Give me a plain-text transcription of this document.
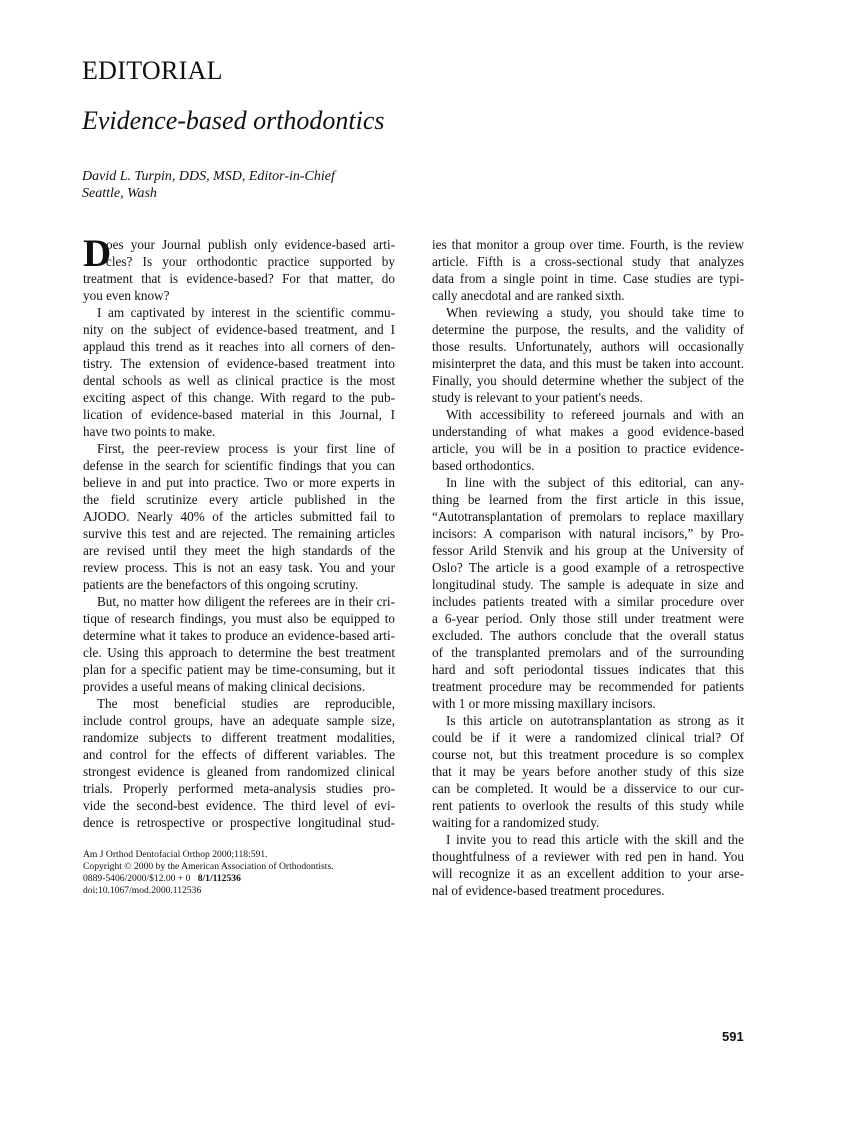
EDITORIAL
Evidence-based orthodontics
David L. Turpin, DDS, MSD, Editor-in-Chief
Seattle, Wash
D
oes your Journal publish only evidence-based arti-
cles? Is your orthodontic practice supported by
treatment that is evidence-based? For that matter, do
you even know?
I am captivated by interest in the scientific commu-
nity on the subject of evidence-based treatment, and I
applaud this trend as it reaches into all corners of den-
tistry. The extension of evidence-based treatment into
dental schools as well as clinical practice is the most
exciting aspect of this change. With regard to the pub-
lication of evidence-based material in this Journal, I
have two points to make.
First, the peer-review process is your first line of
defense in the search for scientific findings that you can
believe in and put into practice. Two or more experts in
the field scrutinize every article published in the
AJODO. Nearly 40% of the articles submitted fail to
survive this test and are rejected. The remaining articles
are revised until they meet the high standards of the
review process. This is not an easy task. You and your
patients are the benefactors of this ongoing scrutiny.
But, no matter how diligent the referees are in their cri-
tique of research findings, you must also be equipped to
determine what it takes to produce an evidence-based arti-
cle. Using this approach to determine the best treatment
plan for a specific patient may be time-consuming, but it
provides a useful means of making clinical decisions.
The most beneficial studies are reproducible,
include control groups, have an adequate sample size,
randomize subjects to different treatment modalities,
and control for the effects of different variables. The
strongest evidence is gleaned from randomized clinical
trials. Properly performed meta-analysis studies pro-
vide the second-best evidence. The third level of evi-
dence is retrospective or prospective longitudinal stud-
ies that monitor a group over time. Fourth, is the review
article. Fifth is a cross-sectional study that analyzes
data from a single point in time. Case studies are typi-
cally anecdotal and are ranked sixth.
When reviewing a study, you should take time to
determine the purpose, the results, and the validity of
those results. Unfortunately, authors will occasionally
misinterpret the data, and this must be taken into account.
Finally, you should determine whether the subject of the
study is relevant to your patient's needs.
With accessibility to refereed journals and with an
understanding of what makes a good evidence-based
article, you will be in a position to practice evidence-
based orthodontics.
In line with the subject of this editorial, can any-
thing be learned from the first article in this issue,
“Autotransplantation of premolars to replace maxillary
incisors: A comparison with natural incisors,” by Pro-
fessor Arild Stenvik and his group at the University of
Oslo? The article is a good example of a retrospective
longitudinal study. The sample is adequate in size and
includes patients treated with a similar procedure over
a 6-year period. Only those still under treatment were
excluded. The authors conclude that the overall status
of the transplanted premolars and of the surrounding
hard and soft periodontal tissues indicates that this
treatment procedure may be recommended for patients
with 1 or more missing maxillary incisors.
Is this article on autotransplantation as strong as it
could be if it were a randomized clinical trial? Of
course not, but this treatment procedure is so complex
that it may be years before another study of this size
can be completed. It would be a disservice to our cur-
rent patients to overlook the results of this study while
waiting for a randomized study.
I invite you to read this article with the skill and the
thoughtfulness of a reviewer with red pen in hand. You
will recognize it as an excellent addition to your arse-
nal of evidence-based treatment procedures.
Am J Orthod Dentofacial Orthop 2000;118:591.
Copyright © 2000 by the American Association of Orthodontists.
0889-5406/2000/$12.00 + 0 8/1/112536
doi:10.1067/mod.2000.112536
591
